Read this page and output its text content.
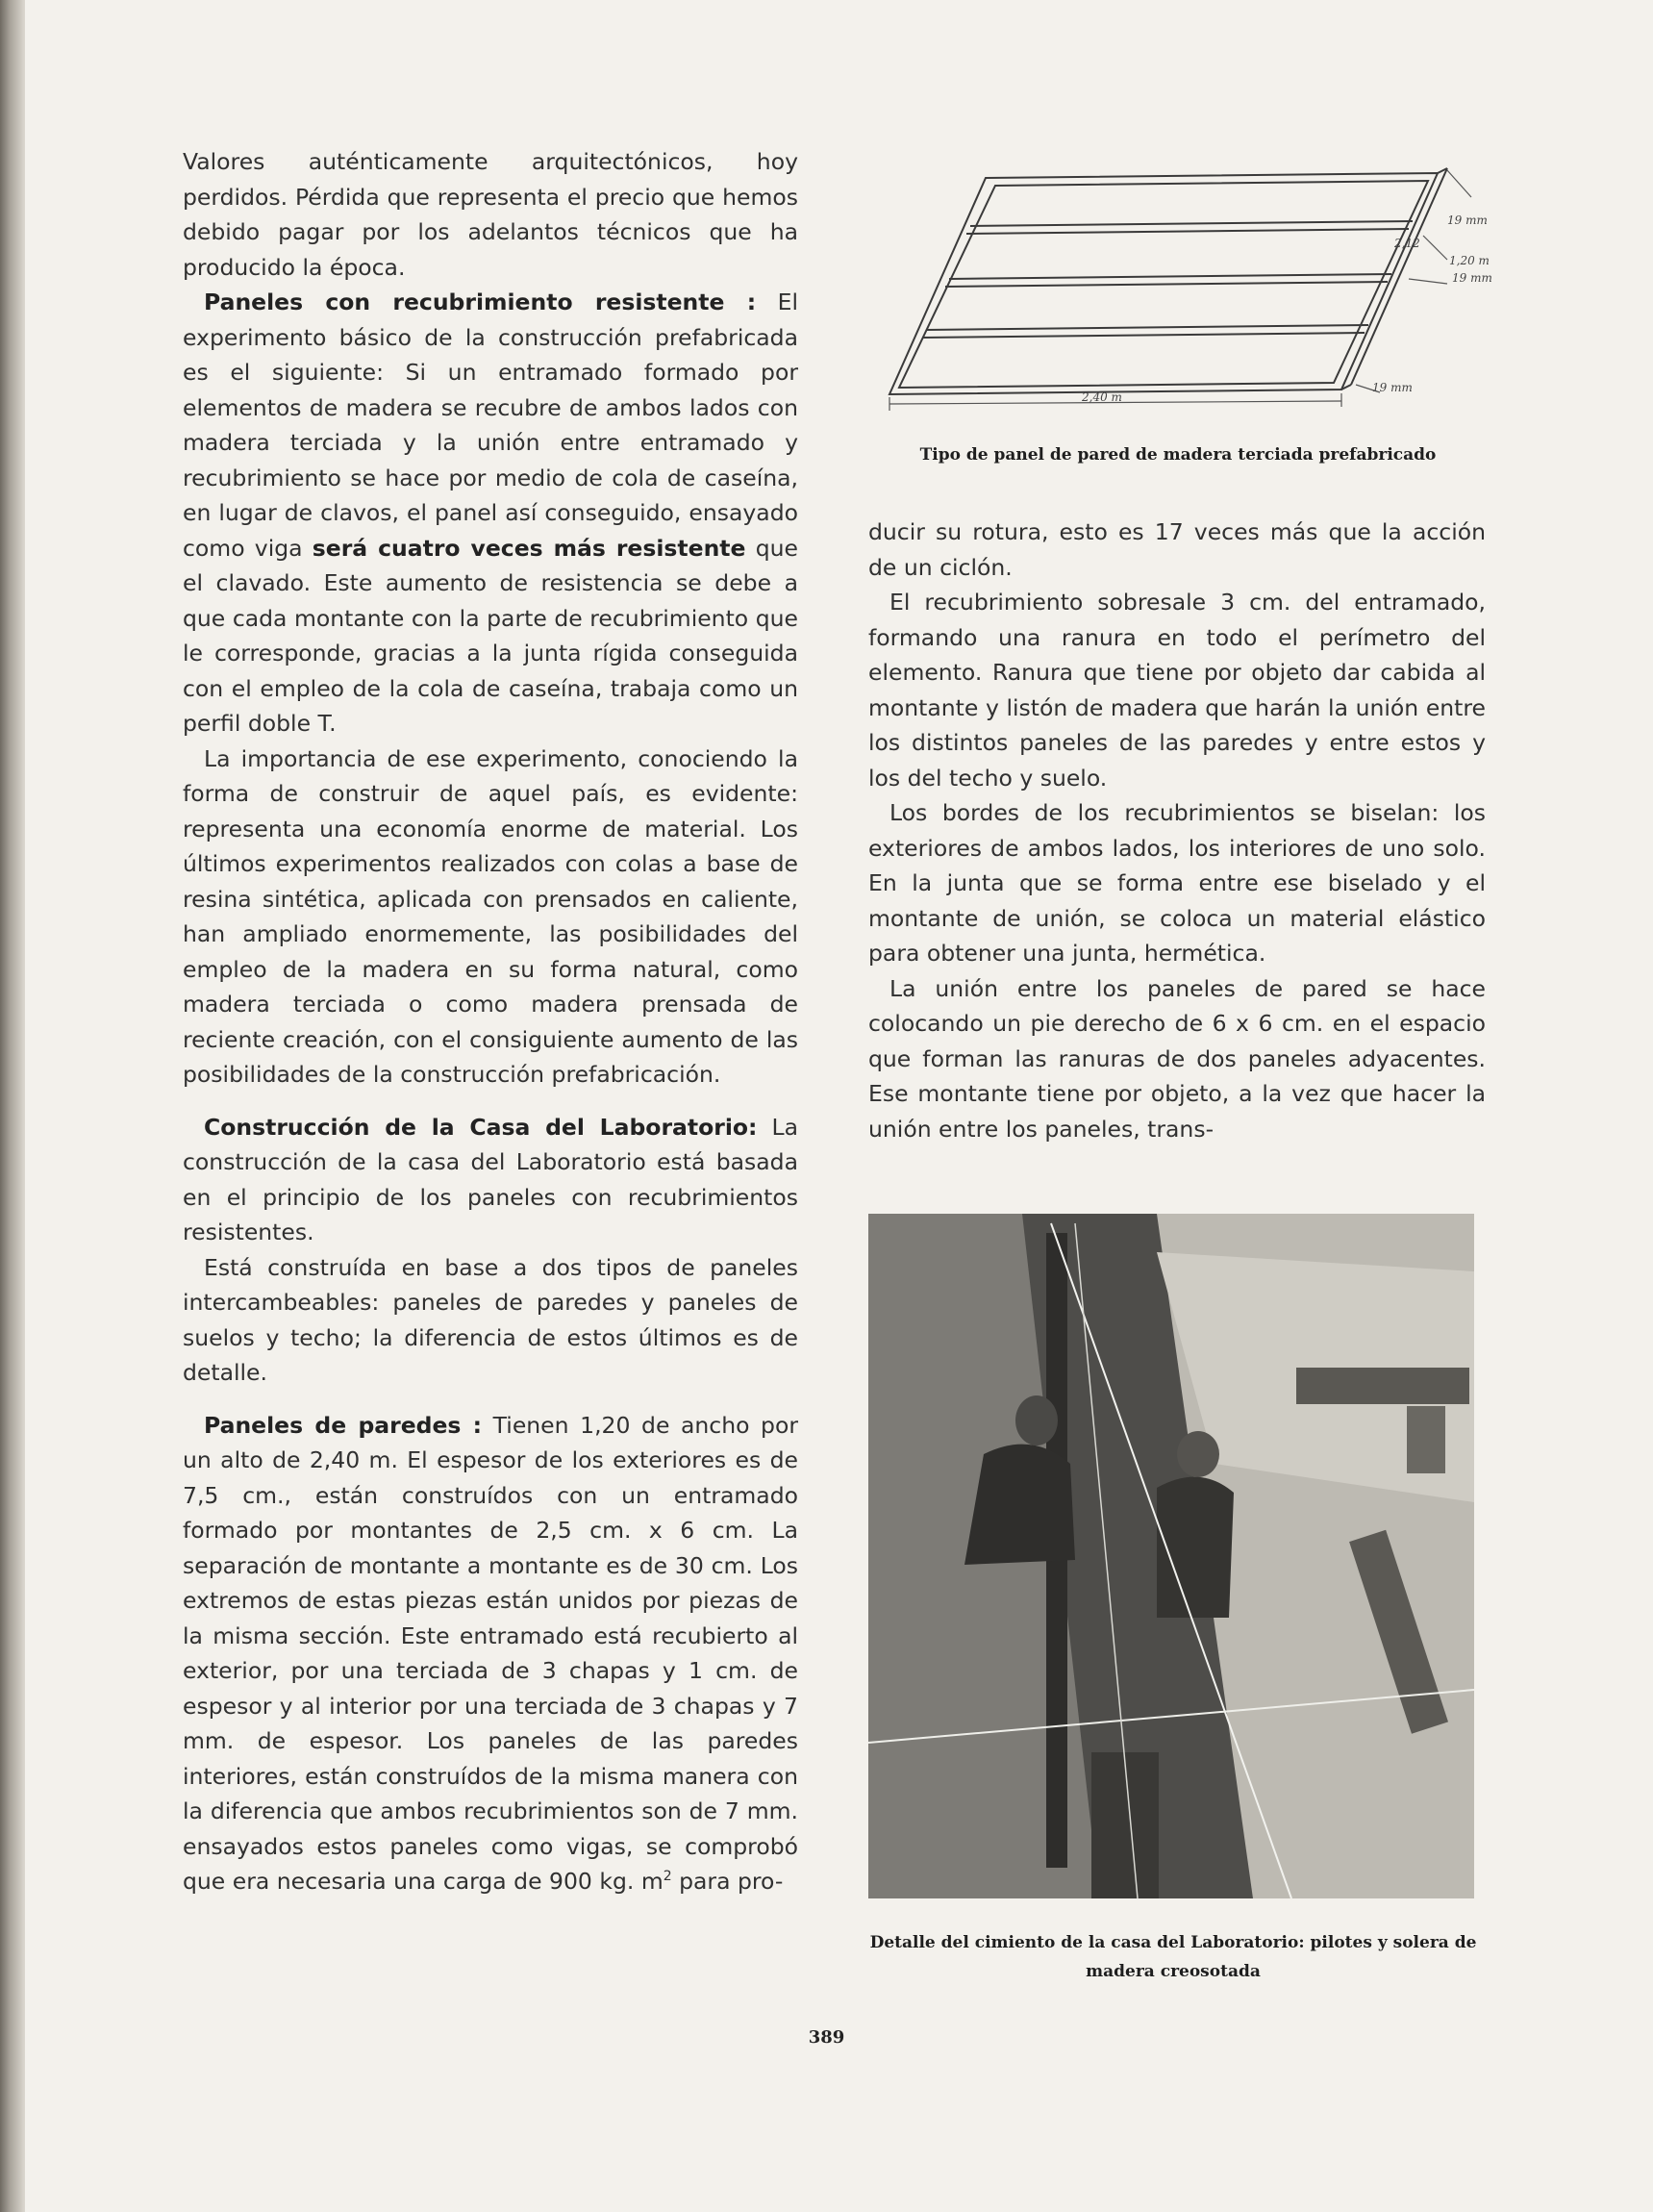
Valores auténticamente arquitectónicos, hoy perdidos. Pérdida que representa el precio que hemos debido pagar por los adelantos técnicos que ha producido la época.

Paneles con recubrimiento resistente : El experimento básico de la construcción prefabricada es el siguiente: Si un entramado formado por elementos de madera se recubre de ambos lados con madera terciada y la unión entre entramado y recubrimiento se hace por medio de cola de caseína, en lugar de clavos, el panel así conseguido, ensayado como viga será cuatro veces más resistente que el clavado. Este aumento de resistencia se debe a que cada montante con la parte de recubrimiento que le corresponde, gracias a la junta rígida conseguida con el empleo de la cola de caseína, trabaja como un perfil doble T.

La importancia de ese experimento, conociendo la forma de construir de aquel país, es evidente: representa una economía enorme de material. Los últimos experimentos realizados con colas a base de resina sintética, aplicada con prensados en caliente, han ampliado enormemente, las posibilidades del empleo de la madera en su forma natural, como madera terciada o como madera prensada de reciente creación, con el consiguiente aumento de las posibilidades de la construcción prefabricación.

Construcción de la Casa del Laboratorio: La construcción de la casa del Laboratorio está basada en el principio de los paneles con recubrimientos resistentes.

Está construída en base a dos tipos de paneles intercambeables: paneles de paredes y paneles de suelos y techo; la diferencia de estos últimos es de detalle.

Paneles de paredes : Tienen 1,20 de ancho por un alto de 2,40 m. El espesor de los exteriores es de 7,5 cm., están construídos con un entramado formado por montantes de 2,5 cm. x 6 cm. La separación de montante a montante es de 30 cm. Los extremos de estas piezas están unidos por piezas de la misma sección. Este entramado está recubierto al exterior, por una terciada de 3 chapas y 1 cm. de espesor y al interior por una terciada de 3 chapas y 7 mm. de espesor. Los paneles de las paredes interiores, están construídos de la misma manera con la diferencia que ambos recubrimientos son de 7 mm. ensayados estos paneles como vigas, se comprobó que era necesaria una carga de 900 kg. $m^2$ para pro-

2,40 m
1,20 m
19 mm
19 mm
19 mm
2,12
Tipo de panel de pared de madera terciada prefabricado

ducir su rotura, esto es 17 veces más que la acción de un ciclón.

El recubrimiento sobresale 3 cm. del entramado, formando una ranura en todo el perímetro del elemento. Ranura que tiene por objeto dar cabida al montante y listón de madera que harán la unión entre los distintos paneles de las paredes y entre estos y los del techo y suelo.

Los bordes de los recubrimientos se biselan: los exteriores de ambos lados, los interiores de uno solo. En la junta que se forma entre ese biselado y el montante de unión, se coloca un material elástico para obtener una junta, hermética.

La unión entre los paneles de pared se hace colocando un pie derecho de 6 x 6 cm. en el espacio que forman las ranuras de dos paneles adyacentes. Ese montante tiene por objeto, a la vez que hacer la unión entre los paneles, trans-

Detalle del cimiento de la casa del Laboratorio: pilotes y solera de madera creosotada
389
